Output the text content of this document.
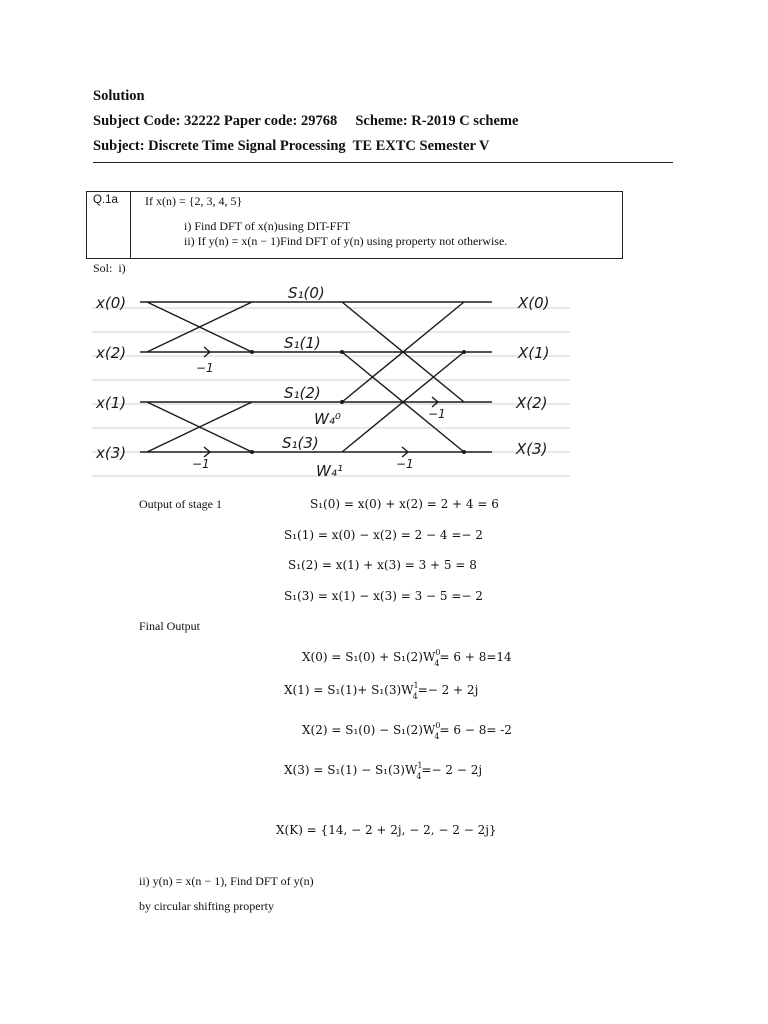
Solution
Subject Code: 32222 Paper code: 29768     Scheme: R-2019 C scheme
Subject: Discrete Time Signal Processing  TE EXTC Semester V
Q.1a If x(n) = {2, 3, 4, 5}
i) Find DFT of x(n)using DIT-FFT
ii) If y(n) = x(n − 1)Find DFT of y(n) using property not otherwise.
Sol:  i)
x(0)
x(2)
x(1)
x(3)
S₁(0)
S₁(1)
S₁(2)
S₁(3)
X(0)
X(1)
X(2)
X(3)
−1
−1
−1
−1
W₄⁰
W₄¹
Output of stage 1	S₁(0) = x(0) + x(2) = 2 + 4 = 6
S₁(1) = x(0) − x(2) = 2 − 4 =− 2
S₁(2) = x(1) + x(3) = 3 + 5 = 8
S₁(3) = x(1) − x(3) = 3 − 5 =− 2
Final Output
$X(0) = S_1(0) + S_1(2)W^0_4= 6 + 8=14$
$X(1) = S_1(1)+ S_1(3)W^1_4=- 2 + 2j$
$X(2) = S_1(0) - S_1(2)W^0_4= 6 - 8= -2$
$X(3) = S_1(1) - S_1(3)W^1_4=- 2 - 2j$
X(K) = {14, − 2 + 2j, − 2, − 2 − 2j}
ii) y(n) = x(n − 1), Find DFT of y(n)
by circular shifting property
